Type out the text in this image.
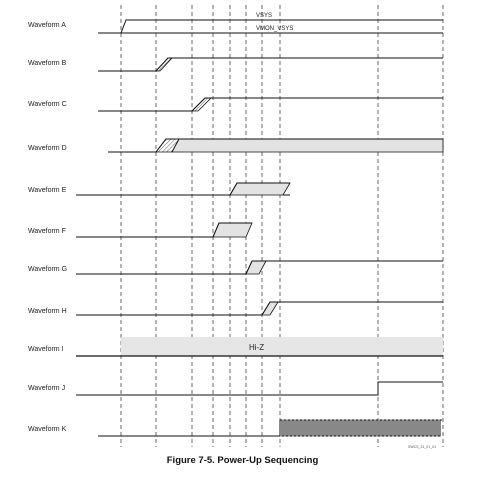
Waveform A
Waveform B
Waveform C
Waveform D
Waveform E
Waveform F
Waveform G
Waveform H
Waveform I
Waveform J
Waveform K
VSYS
VMON_VSYS
Hi-Z
SWCS_21_01_01
Figure 7-5. Power-Up Sequencing
